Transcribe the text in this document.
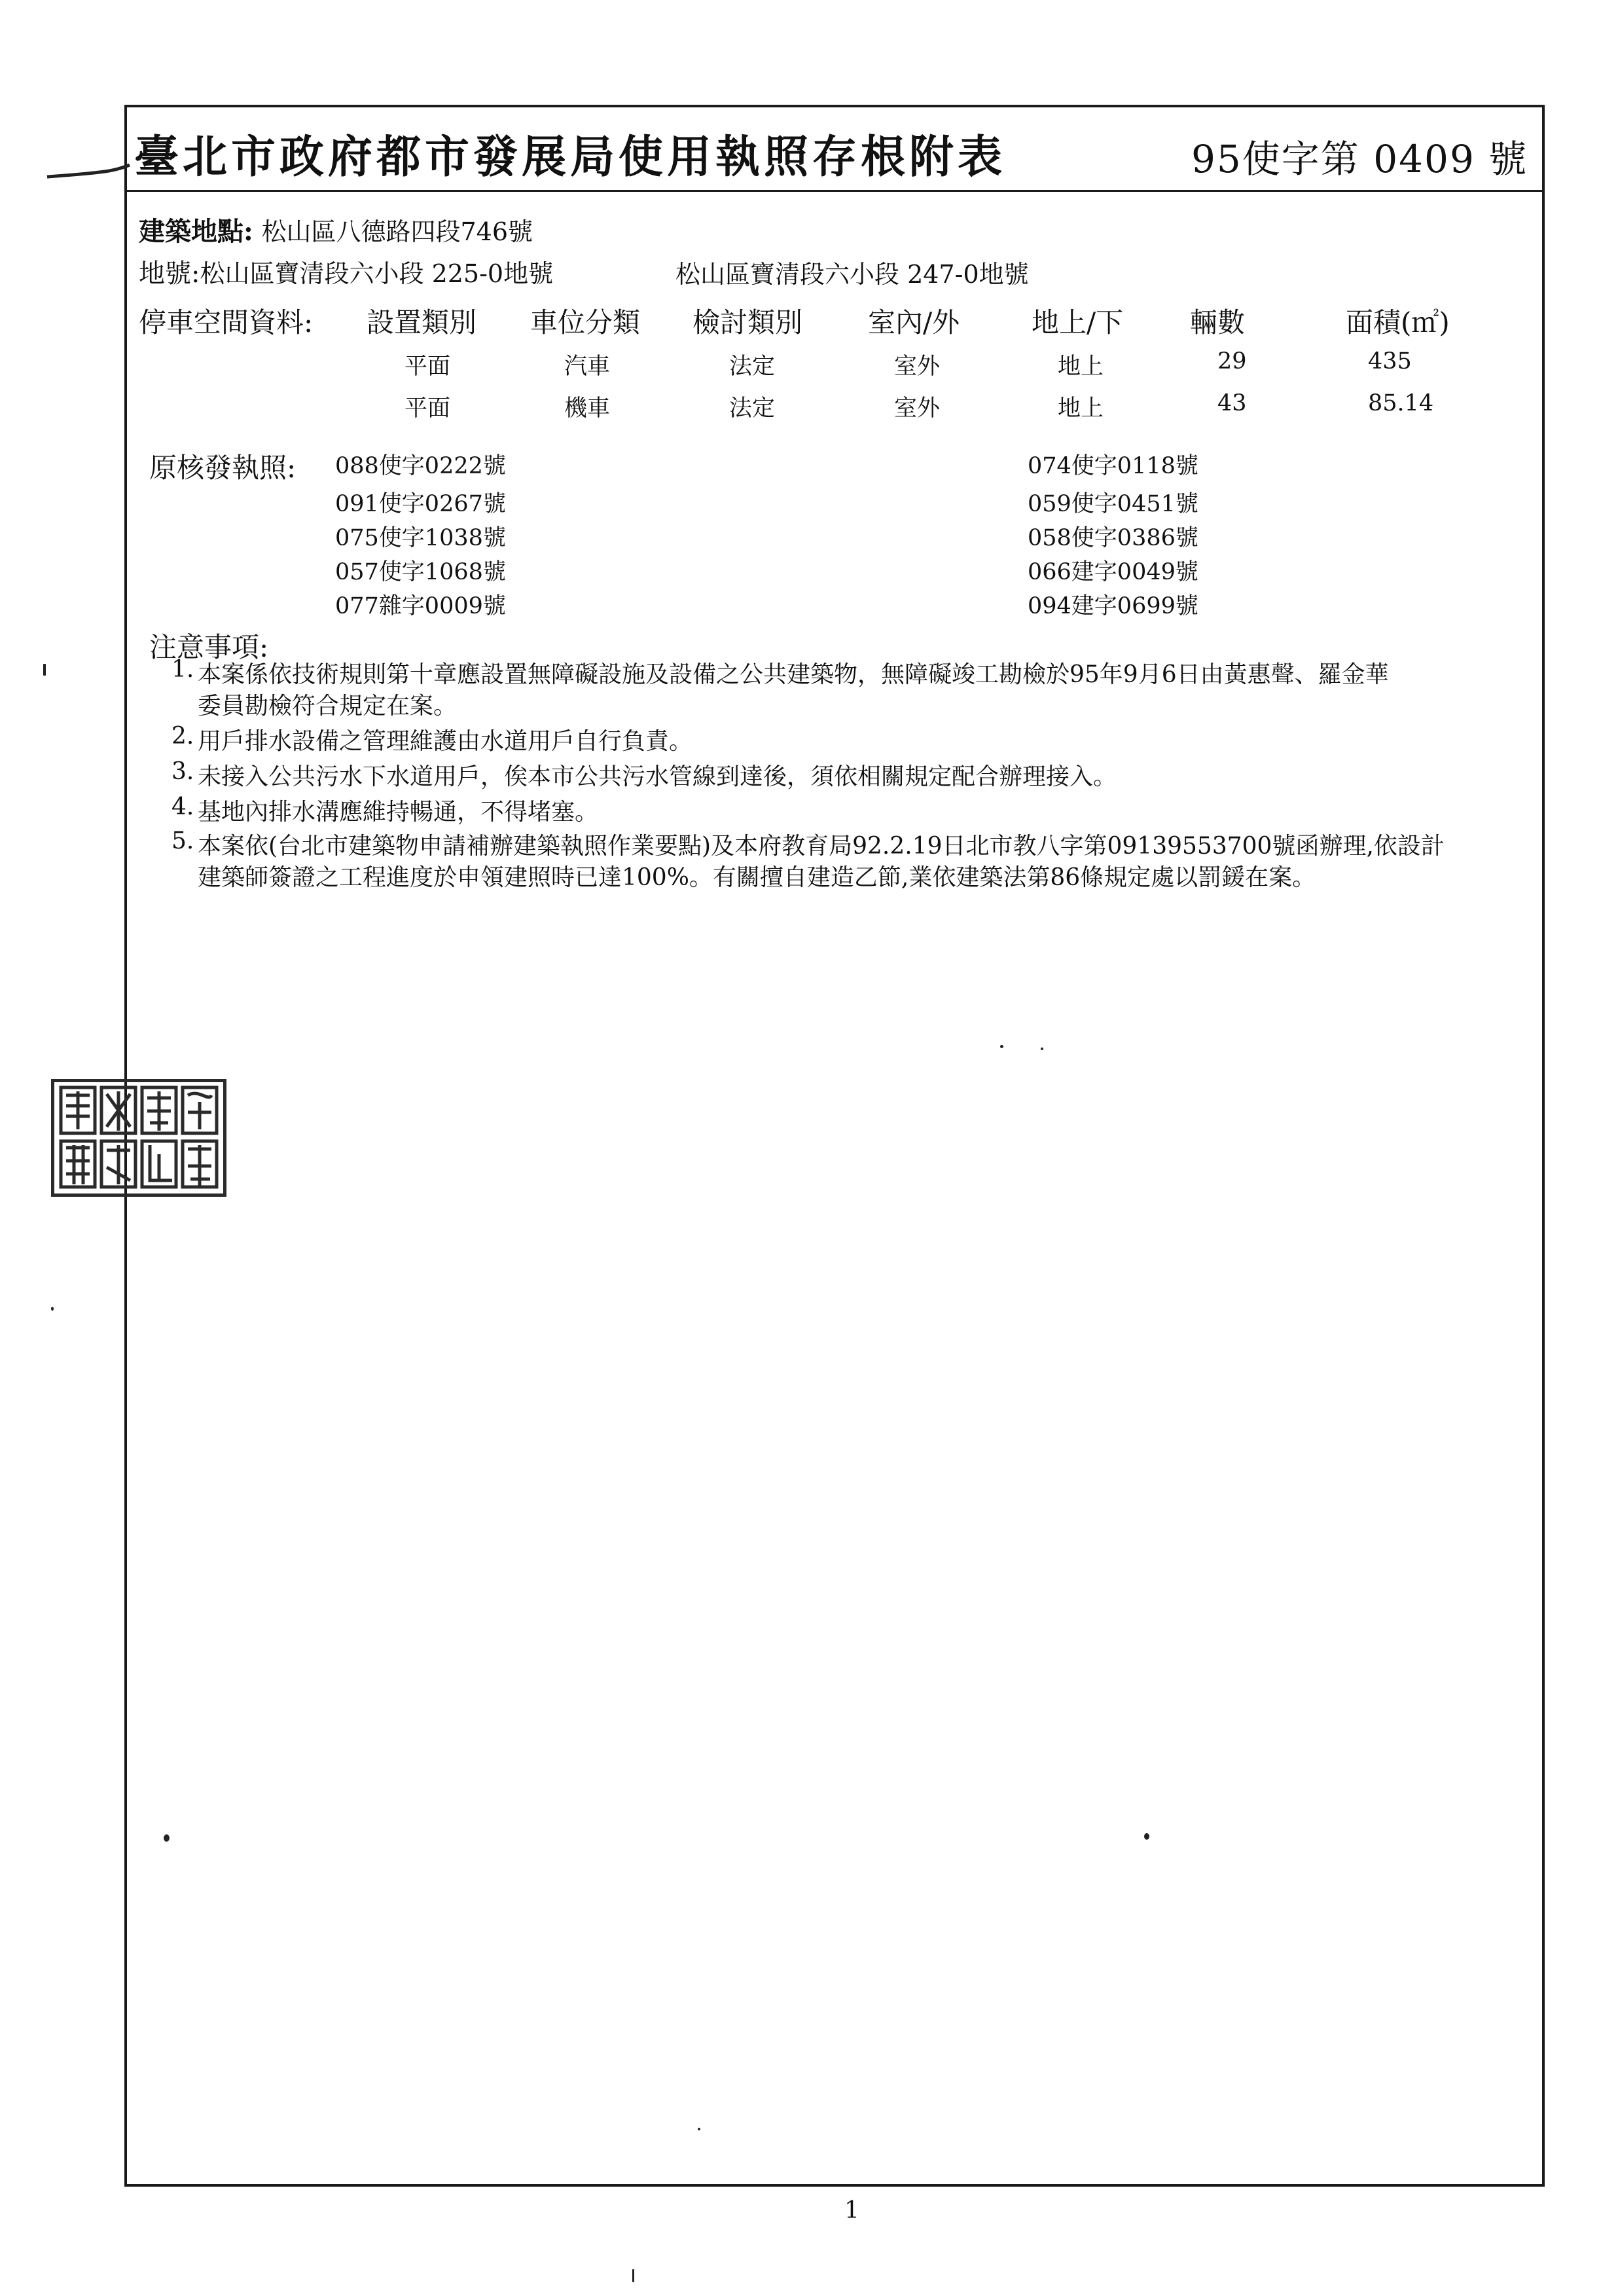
臺北市政府都市發展局使用執照存根附表	95使字第 0409 號
建築地點: 松山區八德路四段746號
地號:松山區寶清段六小段 225-0地號	松山區寶清段六小段 247-0地號
停車空間資料: 設置類別 車位分類 檢討類別 室內/外	地上/下 輛數	面積(㎡)
平面	汽車	法定	室外	地上	29	435
平面	機車	法定	室外	地上	43	85.14
原核發執照: 088使字0222號
091使字0267號
075使字1038號
057使字1068號
077雜字0009號
074使字0118號
059使字0451號
058使字0386號
066建字0049號
094建字0699號
注意事項:
1. 本案係依技術規則第十章應設置無障礙設施及設備之公共建築物，無障礙竣工勘檢於95年9月6日由黃惠聲、羅金華
委員勘檢符合規定在案。
2. 用戶排水設備之管理維護由水道用戶自行負責。
3. 未接入公共污水下水道用戶，俟本市公共污水管線到達後，須依相關規定配合辦理接入。
4. 基地內排水溝應維持暢通，不得堵塞。
5. 本案依(台北市建築物申請補辦建築執照作業要點)及本府教育局92.2.19日北市教八字第09139553700號函辦理,依設計
建築師簽證之工程進度於申領建照時已達100%。有關擅自建造乙節,業依建築法第86條規定處以罰鍰在案。
1
